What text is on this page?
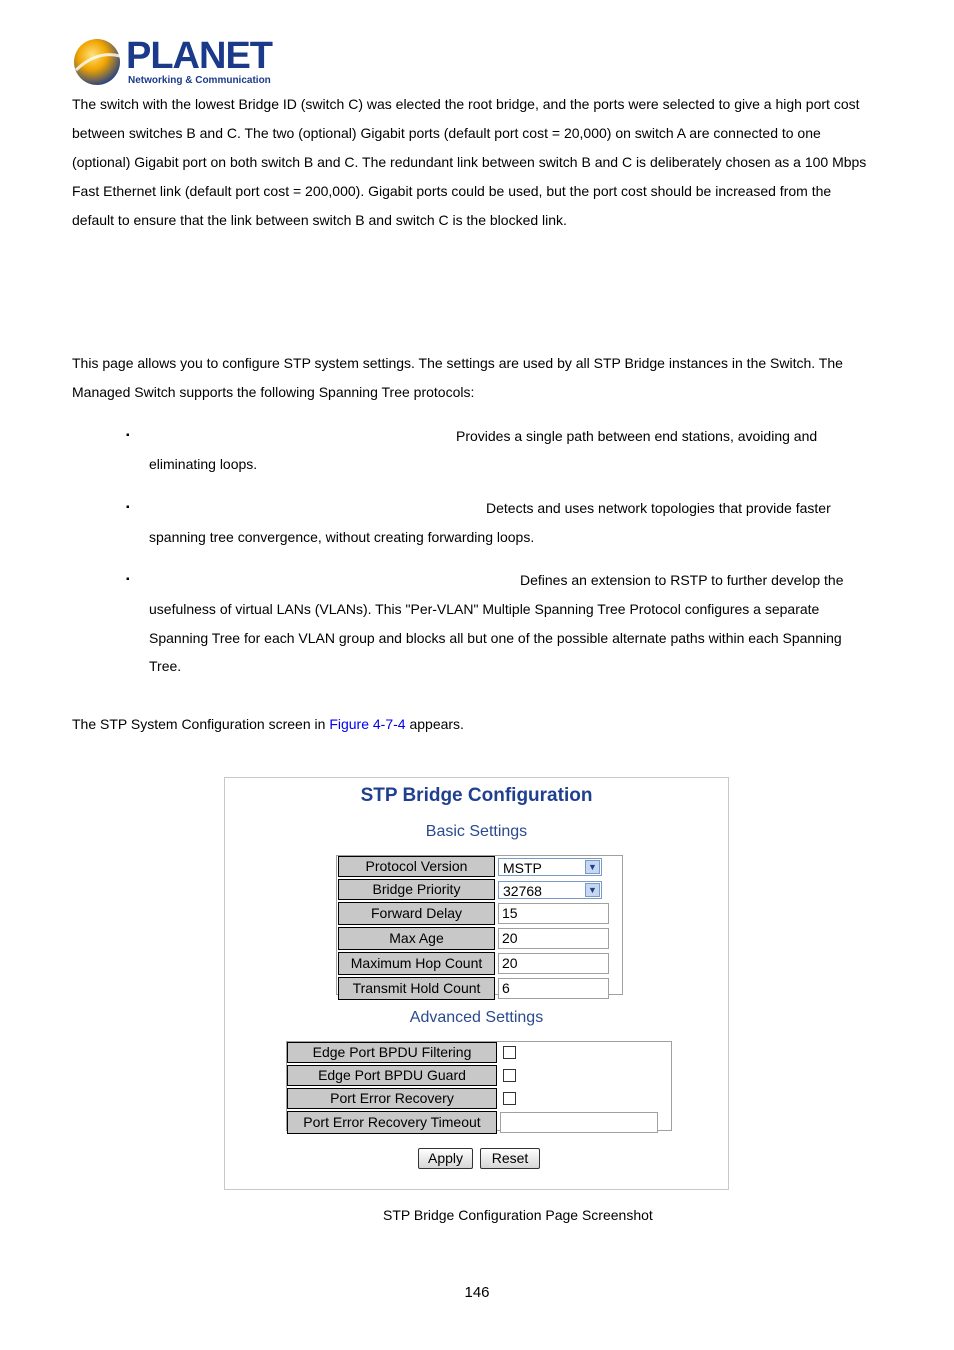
PLANET
Networking & Communication
The switch with the lowest Bridge ID (switch C) was elected the root bridge, and the ports were selected to give a high port cost
between switches B and C. The two (optional) Gigabit ports (default port cost = 20,000) on switch A are connected to one
(optional) Gigabit port on both switch B and C. The redundant link between switch B and C is deliberately chosen as a 100 Mbps
Fast Ethernet link (default port cost = 200,000). Gigabit ports could be used, but the port cost should be increased from the
default to ensure that the link between switch B and switch C is the blocked link.
This page allows you to configure STP system settings. The settings are used by all STP Bridge instances in the Switch. The
Managed Switch supports the following Spanning Tree protocols:
▪	Provides a single path between end stations, avoiding and
eliminating loops.
▪	Detects and uses network topologies that provide faster
spanning tree convergence, without creating forwarding loops.
▪	Defines an extension to RSTP to further develop the
usefulness of virtual LANs (VLANs). This "Per-VLAN" Multiple Spanning Tree Protocol configures a separate
Spanning Tree for each VLAN group and blocks all but one of the possible alternate paths within each Spanning
Tree.
The STP System Configuration screen in Figure 4-7-4 appears.
STP Bridge Configuration
Basic Settings
Protocol Version	MSTP ▼

Bridge Priority	32768 ▼

Forward Delay	15

Max Age	20

Maximum Hop Count	20

Transmit Hold Count	6
Advanced Settings
Edge Port BPDU Filtering	

Edge Port BPDU Guard	

Port Error Recovery	

Port Error Recovery Timeout	
Apply	Reset
STP Bridge Configuration Page Screenshot
146
